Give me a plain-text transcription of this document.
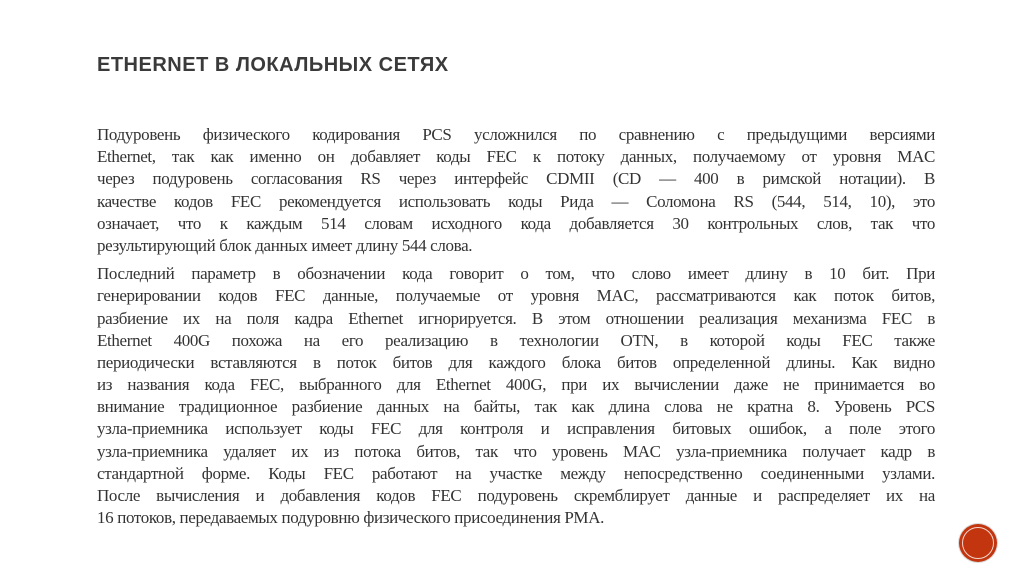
ETHERNET В ЛОКАЛЬНЫХ СЕТЯХ
Подуровень физического кодирования PCS усложнился по сравнению с предыдущими версиями
Ethernet, так как именно он добавляет коды FEC к потоку данных, получаемому от уровня MAC
через подуровень согласования RS через интерфейс CDMII (CD — 400 в римской нотации). В
качестве кодов FEC рекомендуется использовать коды Рида — Соломона RS (544, 514, 10), это
означает, что к каждым 514 словам исходного кода добавляется 30 контрольных слов, так что
результирующий блок данных имеет длину 544 слова.
Последний параметр в обозначении кода говорит о том, что слово имеет длину в 10 бит. При
генерировании кодов FEC данные, получаемые от уровня MAC, рассматриваются как поток битов,
разбиение их на поля кадра Ethernet игнорируется. В этом отношении реализация механизма FEC в
Ethernet 400G похожа на его реализацию в технологии OTN, в которой коды FEC также
периодически вставляются в поток битов для каждого блока битов определенной длины. Как видно
из названия кода FEC, выбранного для Ethernet 400G, при их вычислении даже не принимается во
внимание традиционное разбиение данных на байты, так как длина слова не кратна 8. Уровень PCS
узла-приемника использует коды FEC для контроля и исправления битовых ошибок, а поле этого
узла-приемника удаляет их из потока битов, так что уровень MAC узла-приемника получает кадр в
стандартной форме. Коды FEC работают на участке между непосредственно соединенными узлами.
После вычисления и добавления кодов FEC подуровень скремблирует данные и распределяет их на
16 потоков, передаваемых подуровню физического присоединения PMA.
